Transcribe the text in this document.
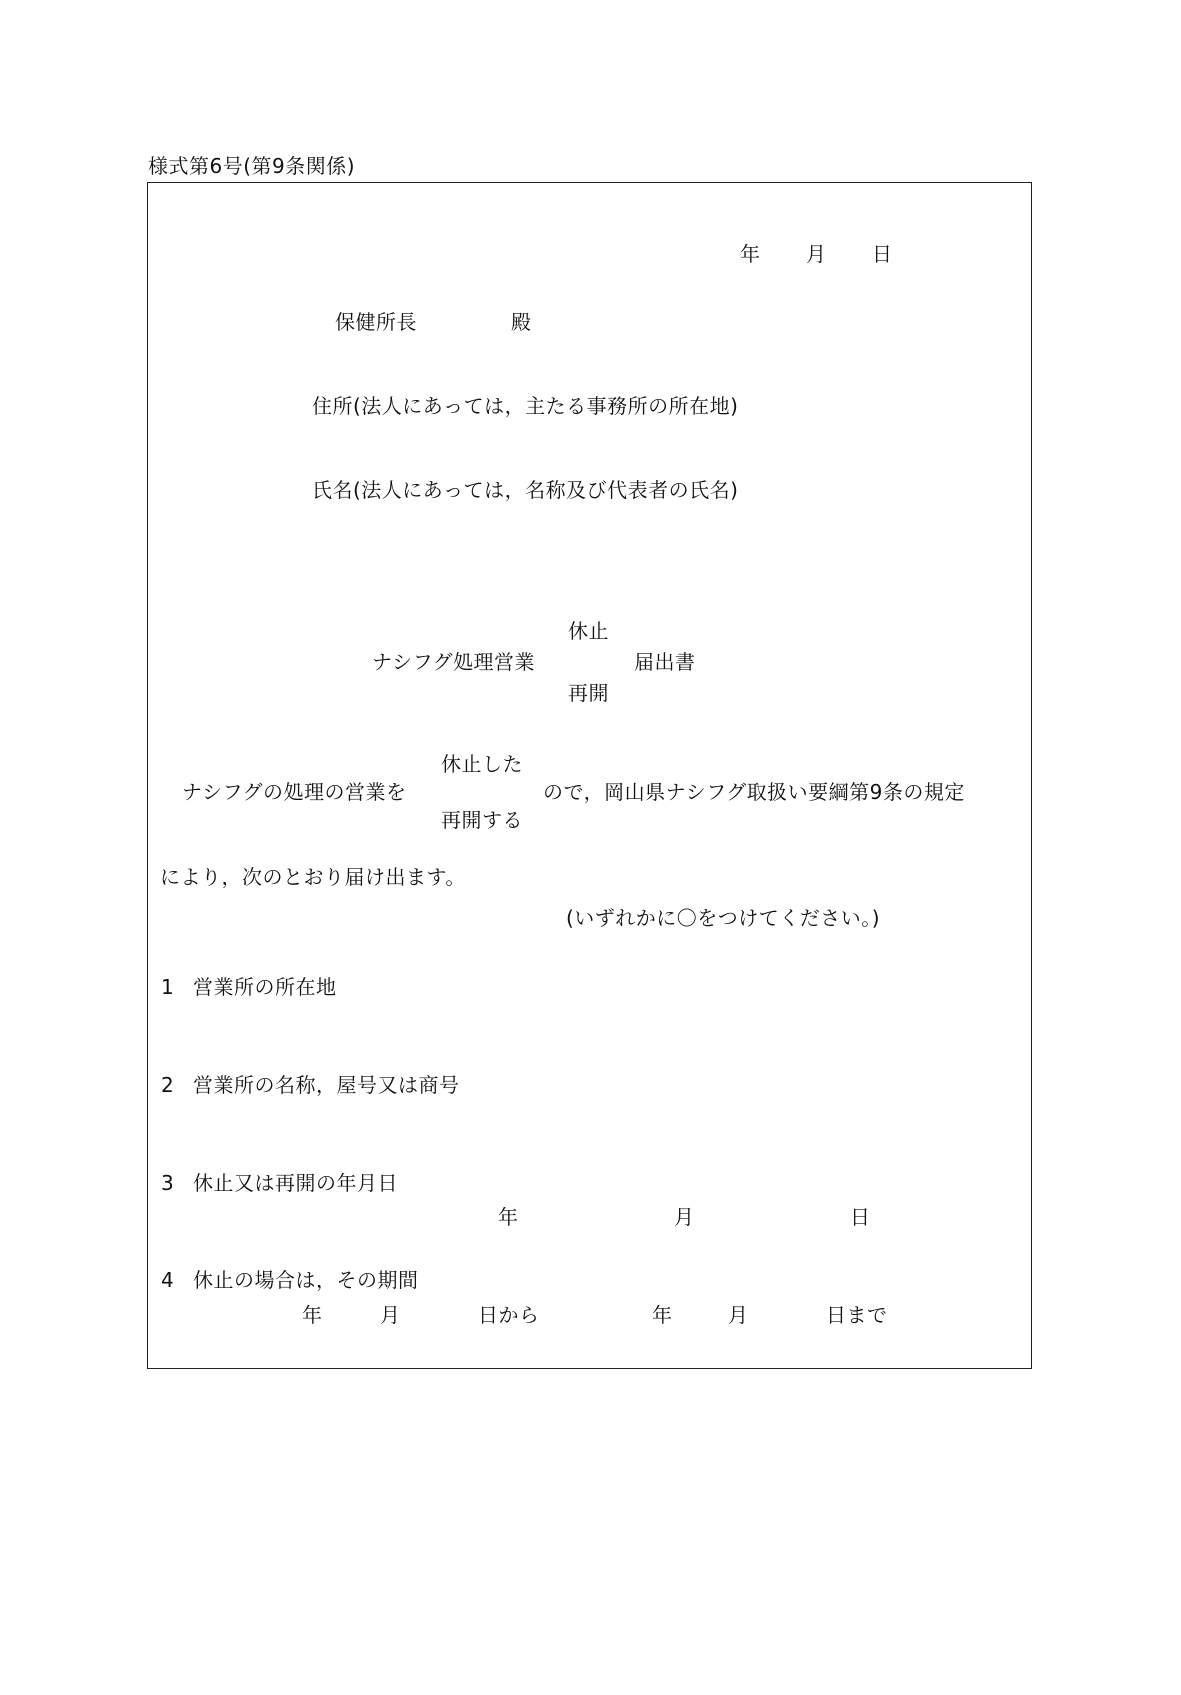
様式第6号(第9条関係)
年 月 日
保健所長	殿
住所(法人にあっては，主たる事務所の所在地)
氏名(法人にあっては，名称及び代表者の氏名)
休止
ナシフグ処理営業	届出書
再開
休止した
ナシフグの処理の営業を	ので，岡山県ナシフグ取扱い要綱第9条の規定
再開する
により，次のとおり届け出ます。
(いずれかに〇をつけてください。)
1 営業所の所在地
2 営業所の名称，屋号又は商号
3 休止又は再開の年月日
年	月	日
4 休止の場合は，その期間
年	月	日から	年	月	日まで
